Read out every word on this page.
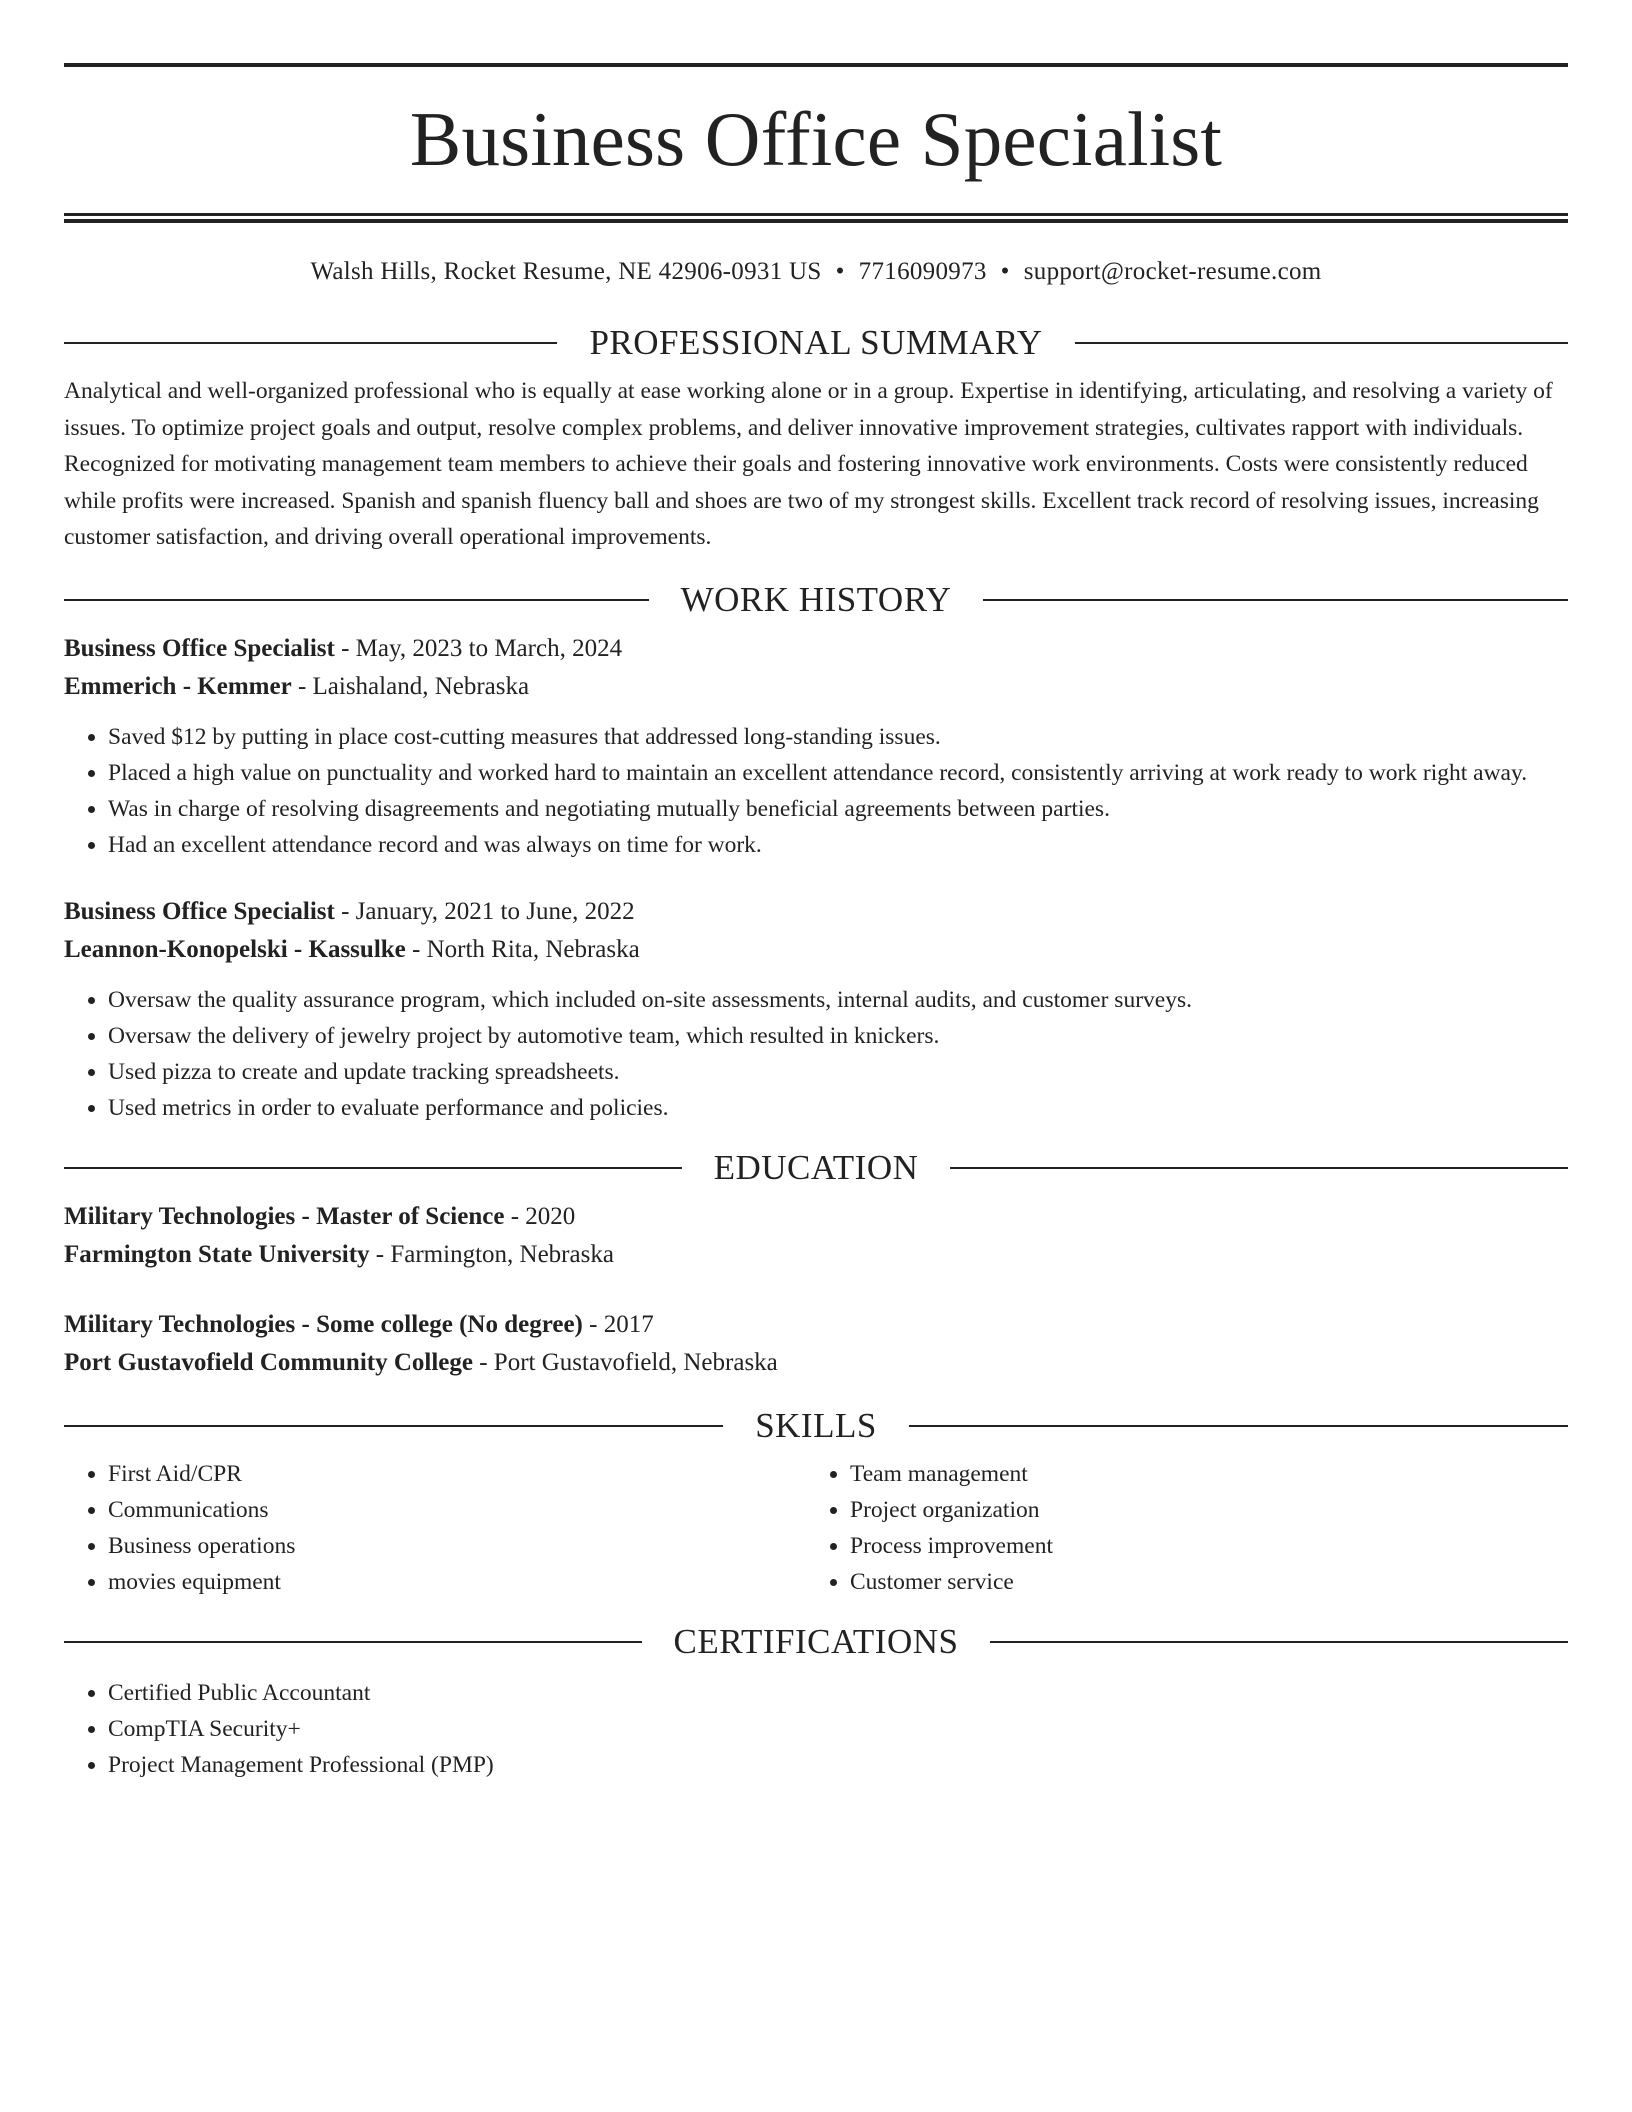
Business Office Specialist
Walsh Hills, Rocket Resume, NE 42906-0931 US • 7716090973 • support@rocket-resume.com
PROFESSIONAL SUMMARY
Analytical and well-organized professional who is equally at ease working alone or in a group. Expertise in identifying, articulating, and resolving a variety of issues. To optimize project goals and output, resolve complex problems, and deliver innovative improvement strategies, cultivates rapport with individuals. Recognized for motivating management team members to achieve their goals and fostering innovative work environments. Costs were consistently reduced while profits were increased. Spanish and spanish fluency ball and shoes are two of my strongest skills. Excellent track record of resolving issues, increasing customer satisfaction, and driving overall operational improvements.
WORK HISTORY
Business Office Specialist - May, 2023 to March, 2024
Emmerich - Kemmer - Laishaland, Nebraska
• Saved $12 by putting in place cost-cutting measures that addressed long-standing issues.
• Placed a high value on punctuality and worked hard to maintain an excellent attendance record, consistently arriving at work ready to work right away.
• Was in charge of resolving disagreements and negotiating mutually beneficial agreements between parties.
• Had an excellent attendance record and was always on time for work.
Business Office Specialist - January, 2021 to June, 2022
Leannon-Konopelski - Kassulke - North Rita, Nebraska
• Oversaw the quality assurance program, which included on-site assessments, internal audits, and customer surveys.
• Oversaw the delivery of jewelry project by automotive team, which resulted in knickers.
• Used pizza to create and update tracking spreadsheets.
• Used metrics in order to evaluate performance and policies.
EDUCATION
Military Technologies - Master of Science - 2020
Farmington State University - Farmington, Nebraska
Military Technologies - Some college (No degree) - 2017
Port Gustavofield Community College - Port Gustavofield, Nebraska
SKILLS
• First Aid/CPR
• Communications
• Business operations
• movies equipment
• Team management
• Project organization
• Process improvement
• Customer service
CERTIFICATIONS
• Certified Public Accountant
• CompTIA Security+
• Project Management Professional (PMP)
